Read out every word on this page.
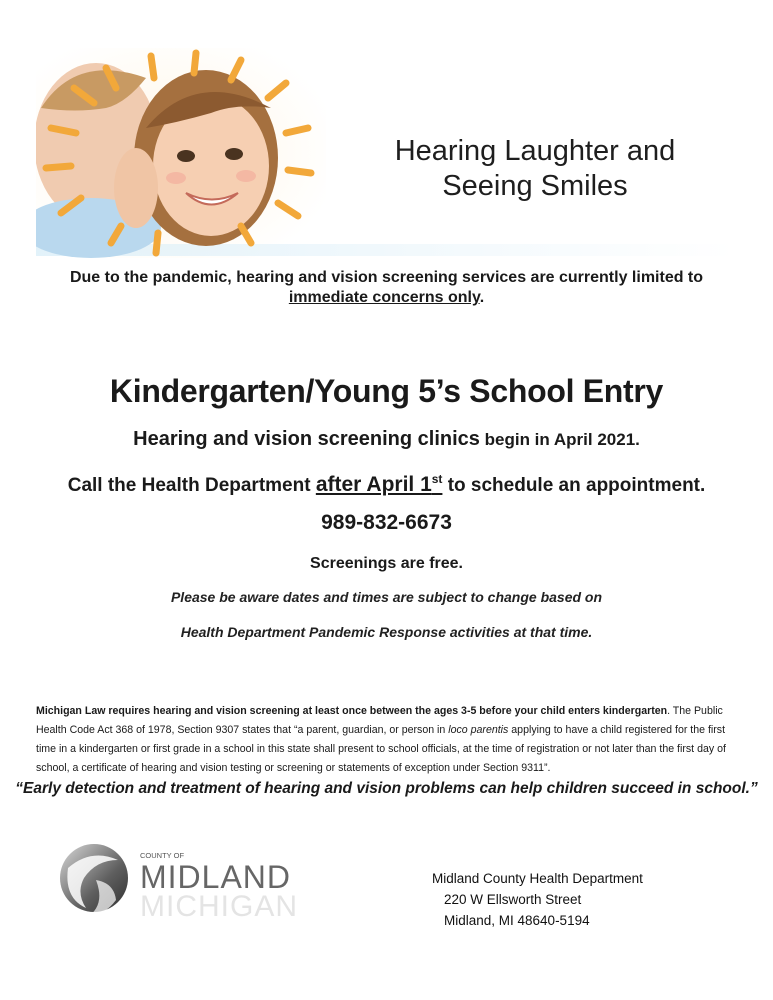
Hearing Laughter and
Seeing Smiles
Due to the pandemic, hearing and vision screening services are currently limited to immediate concerns only.
Kindergarten/Young 5’s School Entry
Hearing and vision screening clinics begin in April 2021.
Call the Health Department after April 1st to schedule an appointment.
989-832-6673
Screenings are free.
Please be aware dates and times are subject to change based on
Health Department Pandemic Response activities at that time.
Michigan Law requires hearing and vision screening at least once between the ages 3-5 before your child enters kindergarten. The Public Health Code Act 368 of 1978, Section 9307 states that “a parent, guardian, or person in loco parentis applying to have a child registered for the first time in a kindergarten or first grade in a school in this state shall present to school officials, at the time of registration or not later than the first day of school, a certificate of hearing and vision testing or screening or statements of exception under Section 9311”.
“Early detection and treatment of hearing and vision problems can help children succeed in school.”
COUNTY OF
MIDLAND
MICHIGAN
Midland County Health Department
220 W Ellsworth Street
Midland, MI 48640-5194
